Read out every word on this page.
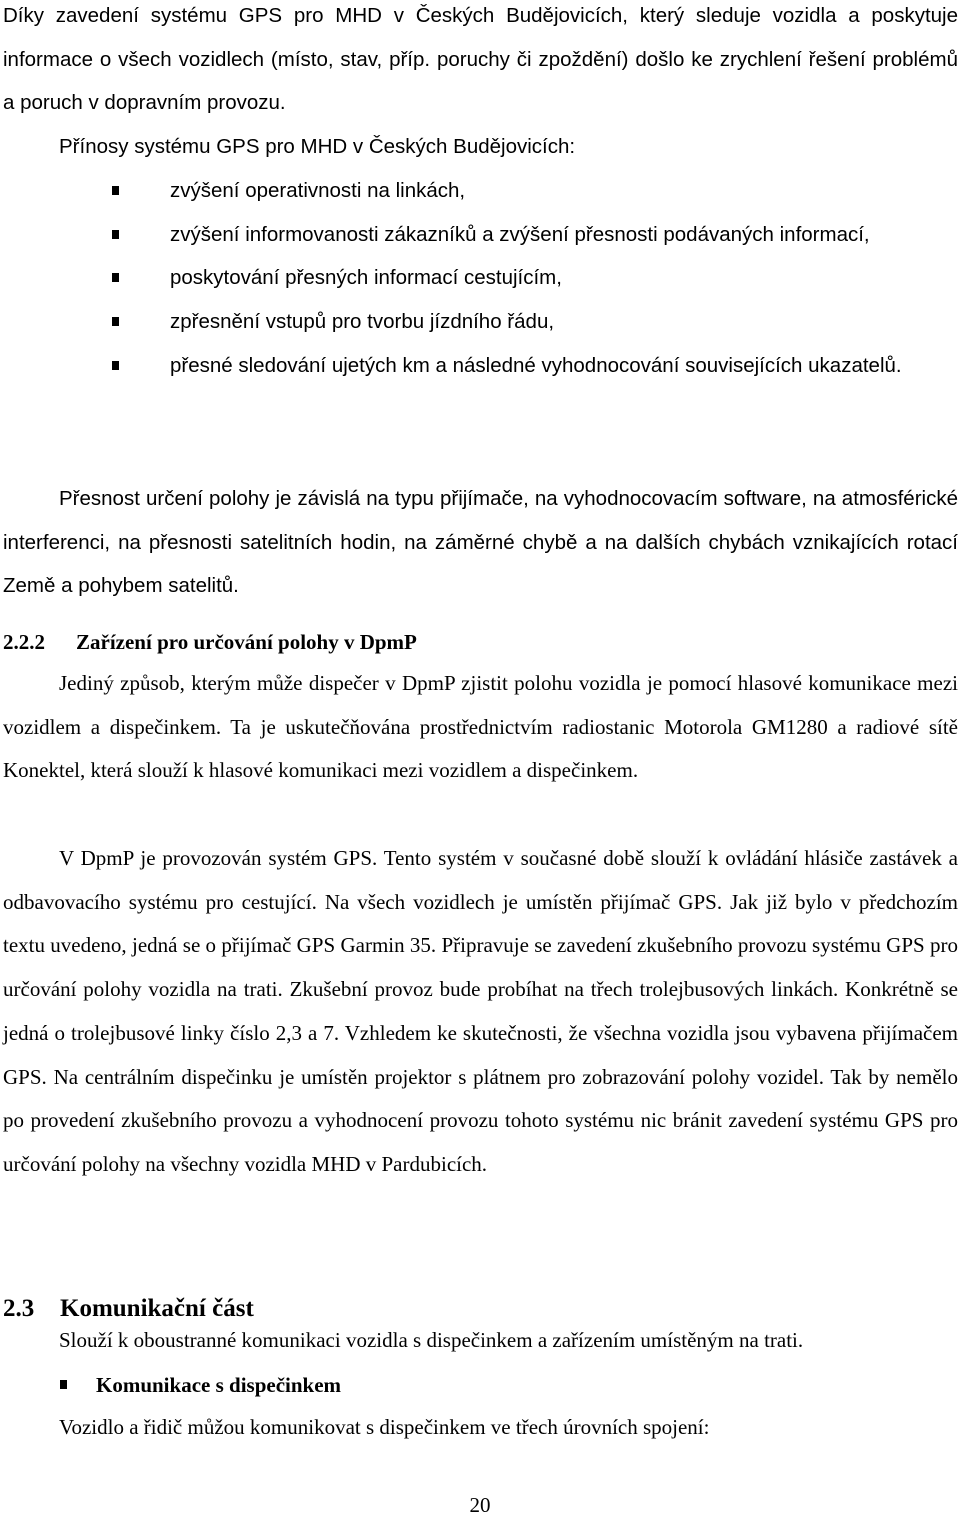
Díky zavedení systému GPS pro MHD v Českých Budějovicích, který sleduje vozidla a poskytuje informace o všech vozidlech (místo, stav, příp. poruchy či zpoždění) došlo ke zrychlení řešení problémů a poruch v dopravním provozu.

Přínosy systému GPS pro MHD v Českých Budějovicích:

zvýšení operativnosti na linkách,
zvýšení informovanosti zákazníků a zvýšení přesnosti podávaných informací,
poskytování přesných informací cestujícím,
zpřesnění vstupů pro tvorbu jízdního řádu,
přesné sledování ujetých km a následné vyhodnocování souvisejících ukazatelů.

Přesnost určení polohy je závislá na typu přijímače, na vyhodnocovacím software, na atmosférické interferenci, na přesnosti satelitních hodin, na záměrné chybě a na dalších chybách vznikajících rotací Země a pohybem satelitů.

2.2.2 Zařízení pro určování polohy v DpmP

Jediný způsob, kterým může dispečer v DpmP zjistit polohu vozidla je pomocí hlasové komunikace mezi vozidlem a dispečinkem. Ta je uskutečňována prostřednictvím radiostanic Motorola GM1280 a radiové sítě Konektel, která slouží k hlasové komunikaci mezi vozidlem a dispečinkem.

V DpmP je provozován systém GPS. Tento systém v současné době slouží k ovládání hlásiče zastávek a odbavovacího systému pro cestující. Na všech vozidlech je umístěn přijímač GPS. Jak již bylo v předchozím textu uvedeno, jedná se o přijímač GPS Garmin 35. Připravuje se zavedení zkušebního provozu systému GPS pro určování polohy vozidla na trati. Zkušební provoz bude probíhat na třech trolejbusových linkách. Konkrétně se jedná o trolejbusové linky číslo 2,3 a 7. Vzhledem ke skutečnosti, že všechna vozidla jsou vybavena přijímačem GPS. Na centrálním dispečinku je umístěn projektor s plátnem pro zobrazování polohy vozidel. Tak by nemělo po provedení zkušebního provozu a vyhodnocení provozu tohoto systému nic bránit zavedení systému GPS pro určování polohy na všechny vozidla MHD v Pardubicích.

2.3 Komunikační část

Slouží k oboustranné komunikaci vozidla s dispečinkem a zařízením umístěným na trati.

Komunikace s dispečinkem

Vozidlo a řidič můžou komunikovat s dispečinkem ve třech úrovních spojení:

20
